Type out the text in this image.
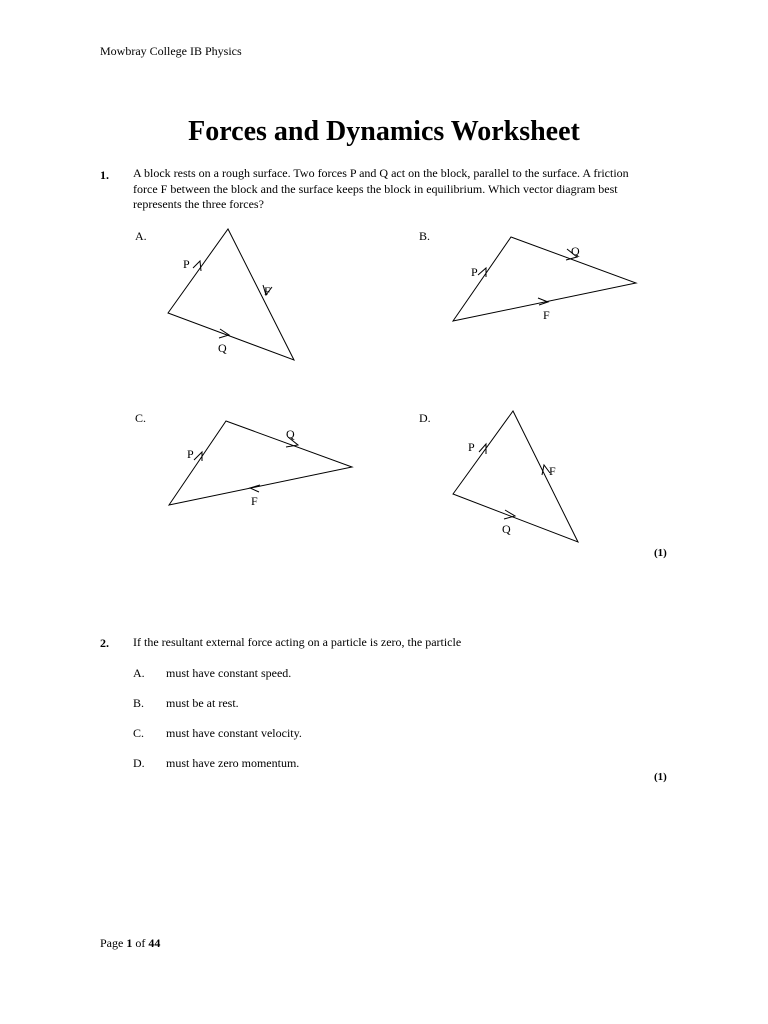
Mowbray College IB Physics
Forces and Dynamics Worksheet
1. A block rests on a rough surface. Two forces P and Q act on the block, parallel to the surface. A friction force F between the block and the surface keeps the block in equilibrium. Which vector diagram best represents the three forces?
A.	B.
C.	D.
P
F
Q
P
Q
F
P
Q
F
P
F
Q
(1)
2. If the resultant external force acting on a particle is zero, the particle
A. must have constant speed.
B. must be at rest.
C. must have constant velocity.
D. must have zero momentum.
(1)
Page 1 of 44
